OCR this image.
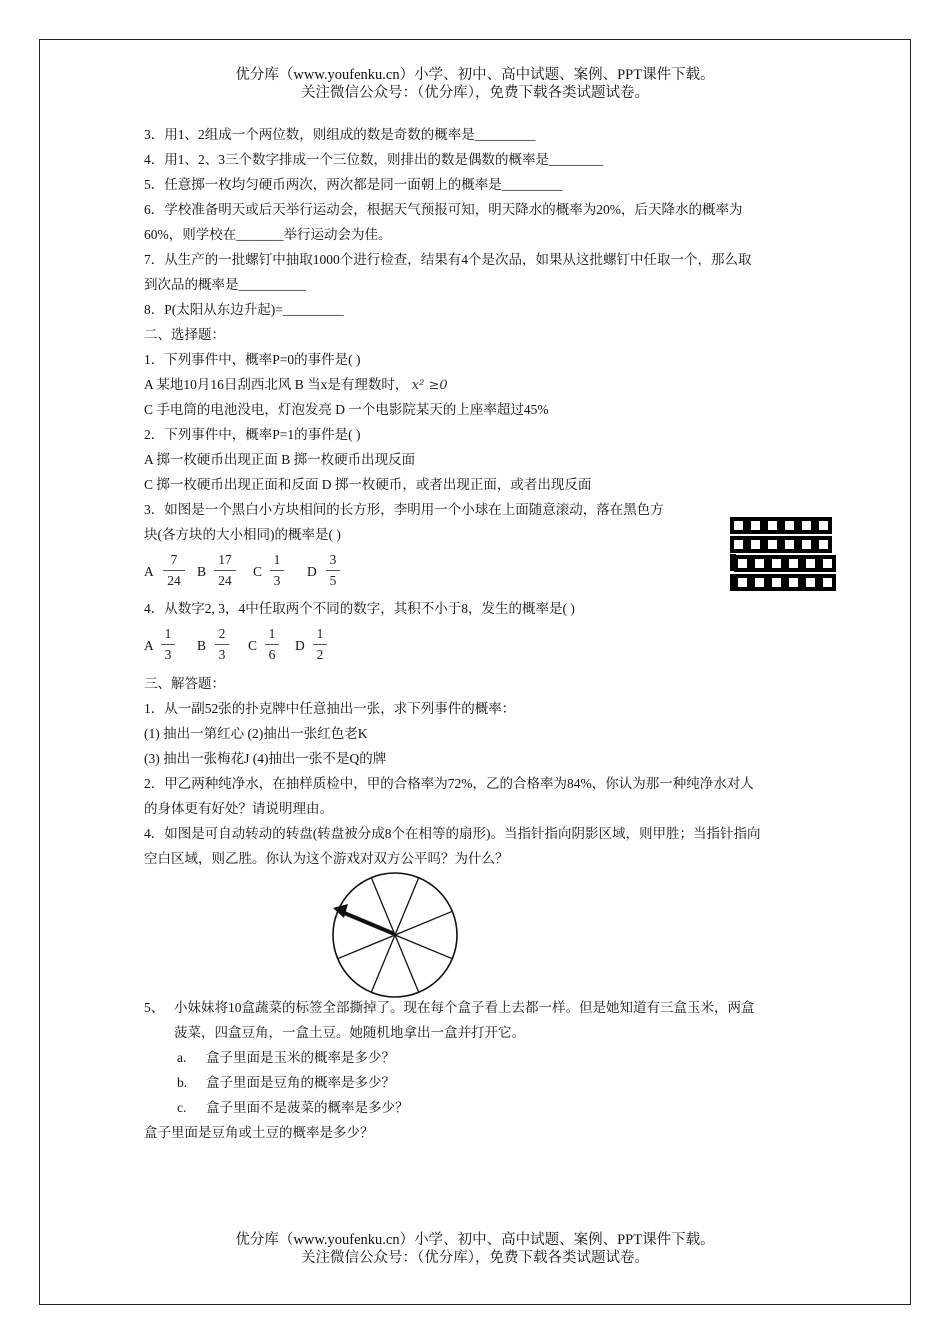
优分库（www.youfenku.cn）小学、初中、高中试题、案例、PPT课件下载。
关注微信公众号：（优分库），免费下载各类试题试卷。
3．用1、2组成一个两位数，则组成的数是奇数的概率是_________
4．用1、2、3三个数字排成一个三位数，则排出的数是偶数的概率是________
5．任意掷一枚均匀硬币两次，两次都是同一面朝上的概率是_________
6．学校准备明天或后天举行运动会，根据天气预报可知，明天降水的概率为20%，后天降水的概率为
60%，则学校在_______举行运动会为佳。
7．从生产的一批螺钉中抽取1000个进行检查，结果有4个是次品，如果从这批螺钉中任取一个，那么取
到次品的概率是__________
8．P(太阳从东边升起)=_________
二、选择题：
1．下列事件中，概率P=0的事件是( )
A 某地10月16日刮西北风 B 当x是有理数时， x² ≥0
C 手电筒的电池没电，灯泡发亮 D 一个电影院某天的上座率超过45%
2．下列事件中，概率P=1的事件是( )
A 掷一枚硬币出现正面 B 掷一枚硬币出现反面
C 掷一枚硬币出现正面和反面 D 掷一枚硬币，或者出现正面，或者出现反面
3．如图是一个黑白小方块相间的长方形，李明用一个小球在上面随意滚动，落在黑色方
块(各方块的大小相同)的概率是( )
A
7
24
B
17
24
C
1
3
D
3
5
4．从数字2, 3，4中任取两个不同的数字，其积不小于8，发生的概率是( )
A
1
3
B
2
3
C
1
6
D
1
2
三、解答题：
1．从一副52张的扑克牌中任意抽出一张，求下列事件的概率：
(1) 抽出一第红心 (2)抽出一张红色老K
(3) 抽出一张梅花J (4)抽出一张不是Q的牌
2．甲乙两种纯净水，在抽样质检中，甲的合格率为72%，乙的合格率为84%，你认为那一种纯净水对人
的身体更有好处？请说明理由。
4．如图是可自动转动的转盘(转盘被分成8个在相等的扇形)。当指针指向阴影区域，则甲胜；当指针指向
空白区域，则乙胜。你认为这个游戏对双方公平吗？为什么？
5、 小妹妹将10盒蔬菜的标签全部撕掉了。现在每个盒子看上去都一样。但是她知道有三盒玉米，两盒
菠菜，四盒豆角，一盒土豆。她随机地拿出一盒并打开它。
a. 盒子里面是玉米的概率是多少？
b. 盒子里面是豆角的概率是多少？
c. 盒子里面不是菠菜的概率是多少？
盒子里面是豆角或土豆的概率是多少？
优分库（www.youfenku.cn）小学、初中、高中试题、案例、PPT课件下载。
关注微信公众号：（优分库），免费下载各类试题试卷。
